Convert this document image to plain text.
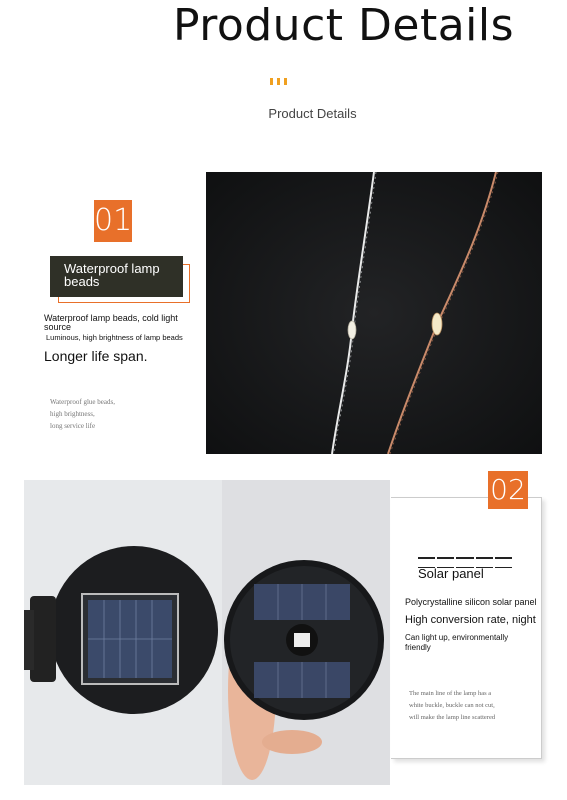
Product Details
Product Details
01
Waterproof lamp beads
Waterproof lamp beads, cold light source
Luminous, high brightness of lamp beads
Longer life span.
Waterproof glue beads,
high brightness,
long service life
02
Solar panel
Polycrystalline silicon solar panel
High conversion rate, night
Can light up, environmentally friendly
The main line of the lamp has a
white buckle, buckle can not cut,
will make the lamp line scattered
